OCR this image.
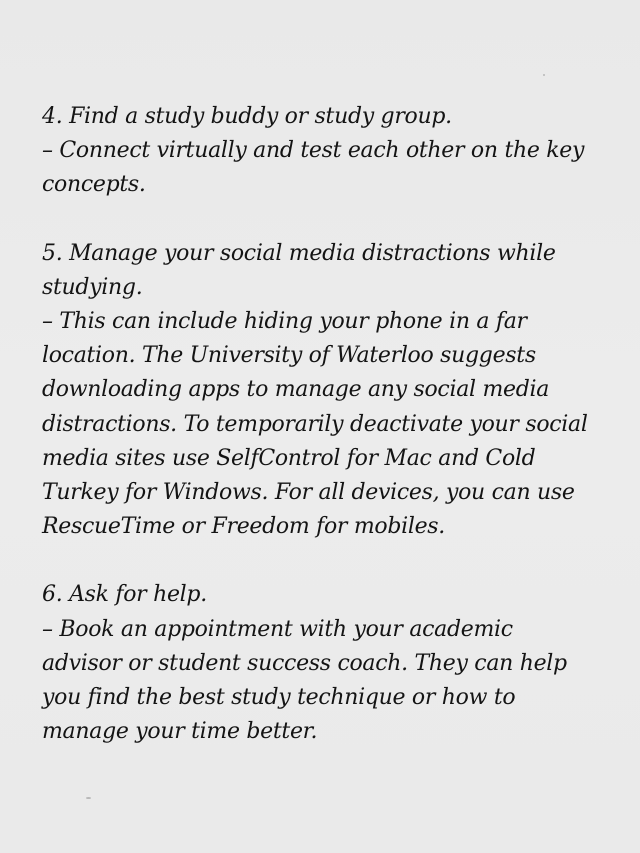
4. Find a study buddy or study group.
– Connect virtually and test each other on the key
concepts.
5. Manage your social media distractions while
studying.
– This can include hiding your phone in a far
location. The University of Waterloo suggests
downloading apps to manage any social media
distractions. To temporarily deactivate your social
media sites use SelfControl for Mac and Cold
Turkey for Windows. For all devices, you can use
RescueTime or Freedom for mobiles.
6. Ask for help.
– Book an appointment with your academic
advisor or student success coach. They can help
you find the best study technique or how to
manage your time better.
